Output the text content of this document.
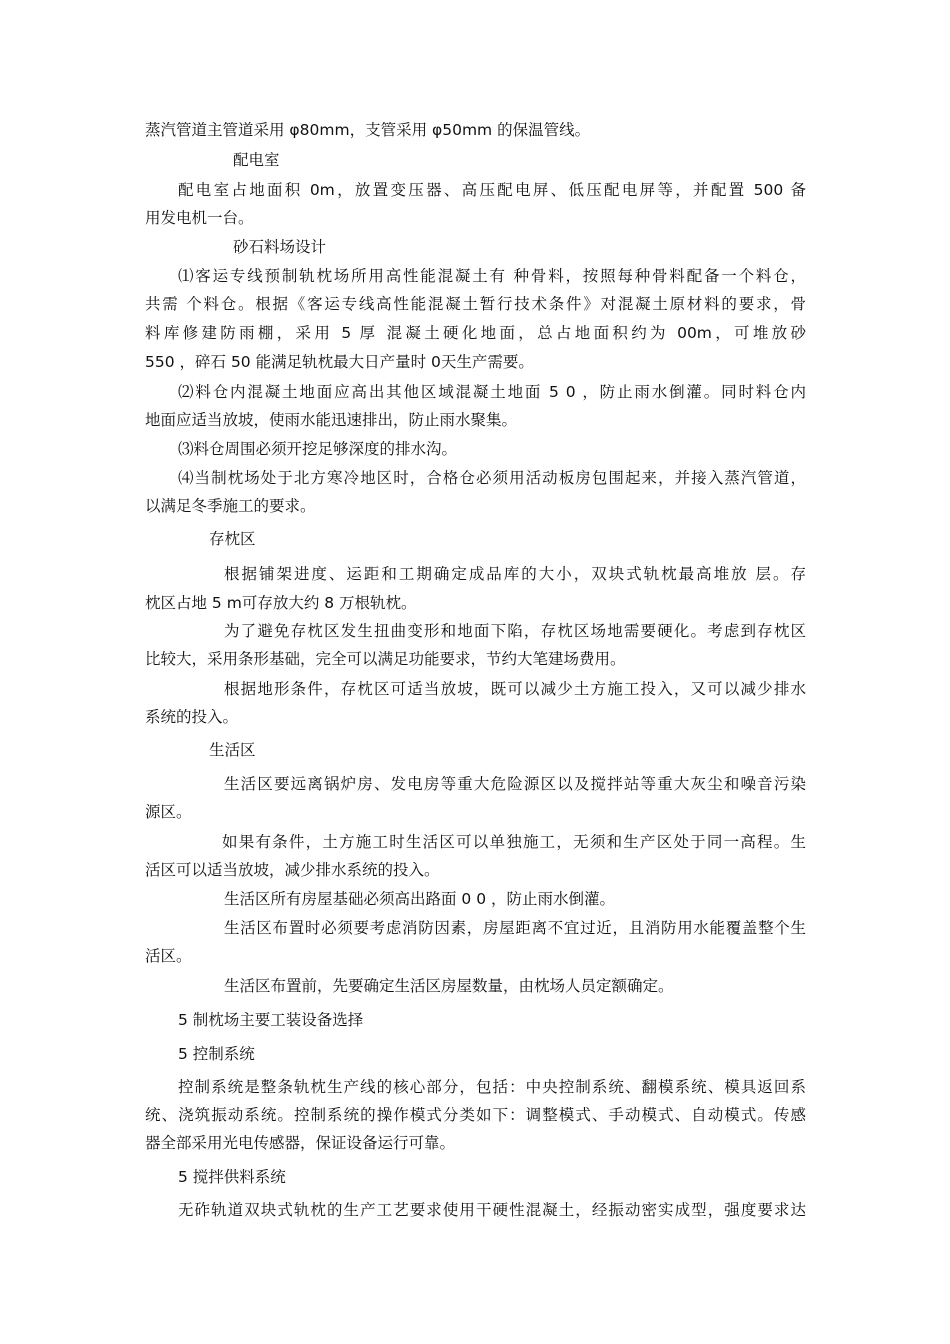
蒸汽管道主管道采用 φ80mm，支管采用 φ50mm 的保温管线。
配电室
配电室占地面积 0m，放置变压器、高压配电屏、低压配电屏等，并配置 500 备
用发电机一台。
砂石料场设计
⑴客运专线预制轨枕场所用高性能混凝土有 种骨料，按照每种骨料配备一个料仓，
共需 个料仓。根据《客运专线高性能混凝土暂行技术条件》对混凝土原材料的要求，骨
料库修建防雨棚，采用 5 厚 混凝土硬化地面，总占地面积约为 00m，可堆放砂
550 ，碎石 50 能满足轨枕最大日产量时 0天生产需要。
⑵料仓内混凝土地面应高出其他区域混凝土地面 5 0 ，防止雨水倒灌。同时料仓内
地面应适当放坡，使雨水能迅速排出，防止雨水聚集。
⑶料仓周围必须开挖足够深度的排水沟。
⑷当制枕场处于北方寒冷地区时，合格仓必须用活动板房包围起来，并接入蒸汽管道，
以满足冬季施工的要求。
存枕区
根据铺架进度、运距和工期确定成品库的大小，双块式轨枕最高堆放 层。存
枕区占地 5 m可存放大约 8 万根轨枕。
为了避免存枕区发生扭曲变形和地面下陷，存枕区场地需要硬化。考虑到存枕区
比较大，采用条形基础，完全可以满足功能要求，节约大笔建场费用。
根据地形条件，存枕区可适当放坡，既可以减少土方施工投入，又可以减少排水
系统的投入。
生活区
生活区要远离锅炉房、发电房等重大危险源区以及搅拌站等重大灰尘和噪音污染
源区。
如果有条件，土方施工时生活区可以单独施工，无须和生产区处于同一高程。生
活区可以适当放坡，减少排水系统的投入。
生活区所有房屋基础必须高出路面 0 0 ，防止雨水倒灌。
生活区布置时必须要考虑消防因素，房屋距离不宜过近，且消防用水能覆盖整个生
活区。
生活区布置前，先要确定生活区房屋数量，由枕场人员定额确定。
5 制枕场主要工装设备选择
5 控制系统
控制系统是整条轨枕生产线的核心部分，包括：中央控制系统、翻模系统、模具返回系
统、浇筑振动系统。控制系统的操作模式分类如下：调整模式、手动模式、自动模式。传感
器全部采用光电传感器，保证设备运行可靠。
5 搅拌供料系统
无砟轨道双块式轨枕的生产工艺要求使用干硬性混凝土，经振动密实成型，强度要求达
